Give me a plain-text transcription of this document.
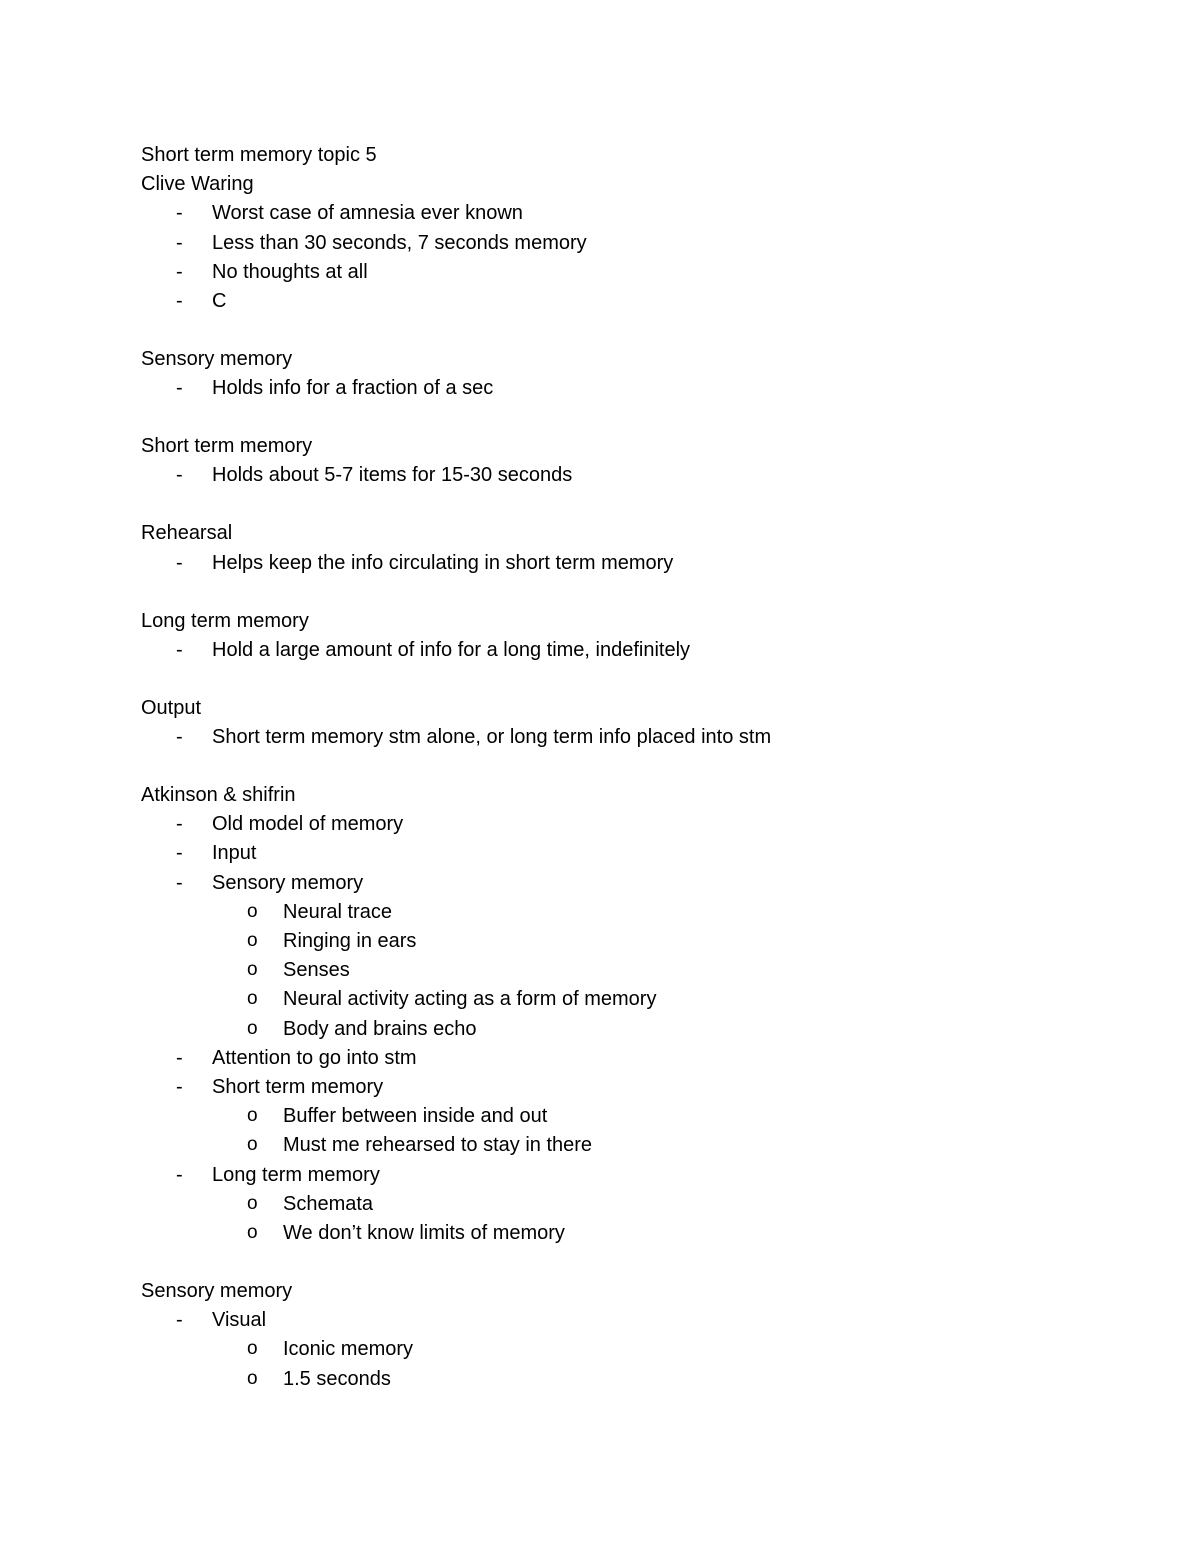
Short term memory topic 5
Clive Waring
- Worst case of amnesia ever known
- Less than 30 seconds, 7 seconds memory
- No thoughts at all
- C
Sensory memory
- Holds info for a fraction of a sec
Short term memory
- Holds about 5-7 items for 15-30 seconds
Rehearsal
- Helps keep the info circulating in short term memory
Long term memory
- Hold a large amount of info for a long time, indefinitely
Output
- Short term memory stm alone, or long term info placed into stm
Atkinson & shifrin
- Old model of memory
- Input
- Sensory memory
o Neural trace
o Ringing in ears
o Senses
o Neural activity acting as a form of memory
o Body and brains echo
- Attention to go into stm
- Short term memory
o Buffer between inside and out
o Must me rehearsed to stay in there
- Long term memory
o Schemata
o We don’t know limits of memory
Sensory memory
- Visual
o Iconic memory
o 1.5 seconds
